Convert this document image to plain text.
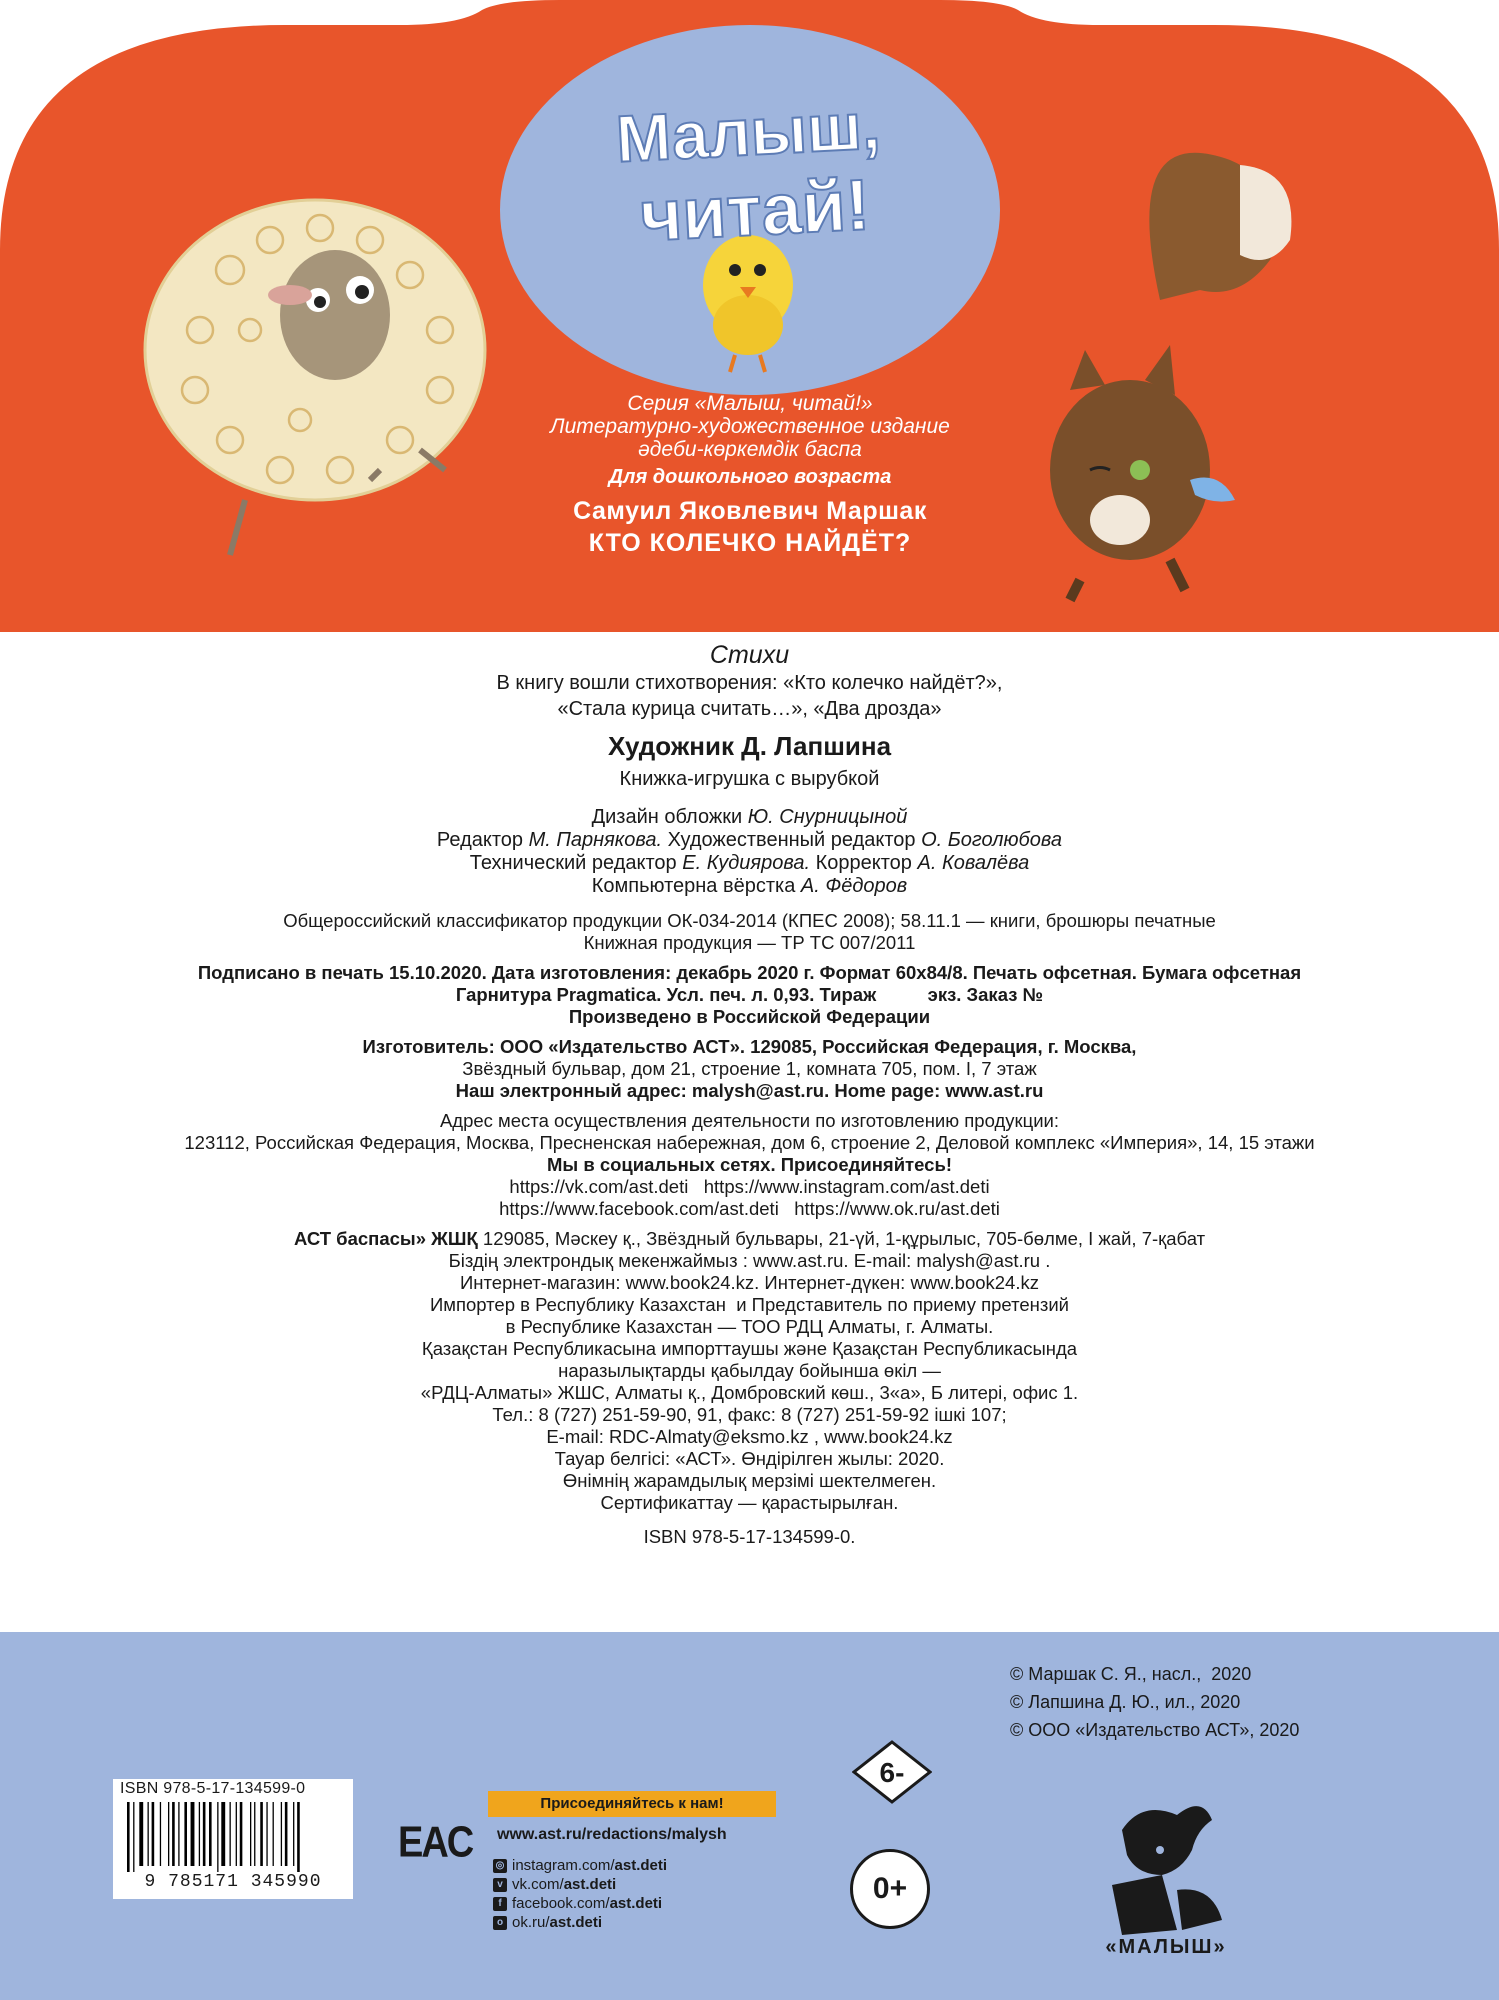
Малыш,
читай!
Серия «Малыш, читай!»
Литературно-художественное издание
әдеби-көркемдік баспа
Для дошкольного возраста
Самуил Яковлевич Маршак
КТО КОЛЕЧКО НАЙДЁТ?

Стихи

В книгу вошли стихотворения: «Кто колечко найдёт?»,

«Стала курица считать…», «Два дрозда»

Художник Д. Лапшина

Книжка-игрушка с вырубкой

Дизайн обложки Ю. Снурницыной

Редактор М. Парнякова. Художественный редактор О. Боголюбова

Технический редактор Е. Кудиярова. Корректор А. Ковалёва

Компьютерна вёрстка А. Фёдоров

Общероссийский классификатор продукции ОК-034-2014 (КПЕС 2008); 58.11.1 — книги, брошюры печатные

Книжная продукция — ТР ТС 007/2011

Подписано в печать 15.10.2020. Дата изготовления: декабрь 2020 г. Формат 60x84/8. Печать офсетная. Бумага офсетная

Гарнитура Pragmatica. Усл. печ. л. 0,93. Тираж          экз. Заказ №

Произведено в Российской Федерации

Изготовитель: ООО «Издательство АСТ». 129085, Российская Федерация, г. Москва,

Звёздный бульвар, дом 21, строение 1, комната 705, пом. I, 7 этаж

Наш электронный адрес: malysh@ast.ru. Home page: www.ast.ru

Адрес места осуществления деятельности по изготовлению продукции:

123112, Российская Федерация, Москва, Пресненская набережная, дом 6, строение 2, Деловой комплекс «Империя», 14, 15 этажи

Мы в социальных сетях. Присоединяйтесь!

https://vk.com/ast.deti   https://www.instagram.com/ast.deti

https://www.facebook.com/ast.deti   https://www.ok.ru/ast.deti

АСТ баспасы» ЖШҚ 129085, Мәскеу қ., Звёздный бульвары, 21-үй, 1-құрылыс, 705-бөлме, I жай, 7-қабат

Біздің электрондық мекенжаймыз : www.ast.ru. E-mail: malysh@ast.ru .

Интернет-магазин: www.book24.kz. Интернет-дүкен: www.book24.kz

Импортер в Республику Казахстан  и Представитель по приему претензий

в Республике Казахстан — ТОО РДЦ Алматы, г. Алматы.

Қазақстан Республикасына импорттаушы және Қазақстан Республикасында

наразылықтарды қабылдау бойынша өкіл —

«РДЦ-Алматы» ЖШС, Алматы қ., Домбровский көш., 3«а», Б литері, офис 1.

Тел.: 8 (727) 251-59-90, 91, факс: 8 (727) 251-59-92 ішкі 107;

E-mail: RDC-Almaty@eksmo.kz , www.book24.kz

Тауар белгісі: «АСТ». Өндірілген жылы: 2020.

Өнімнің жарамдылық мерзімі шектелмеген.

Сертификаттау — қарастырылған.

ISBN 978-5-17-134599-0.

© Маршак С. Я., насл.,  2020
© Лапшина Д. Ю., ил., 2020
© ООО «Издательство АСТ», 2020
ISBN 978-5-17-134599-0
9 785171 345990
EAC
Присоединяйтесь к нам!
www.ast.ru/redactions/malysh
◎ instagram.com/ ast.deti
v vk.com/ ast.deti
f facebook.com/ ast.deti
o ok.ru/ ast.deti
6-
0+
«МАЛЫШ»
